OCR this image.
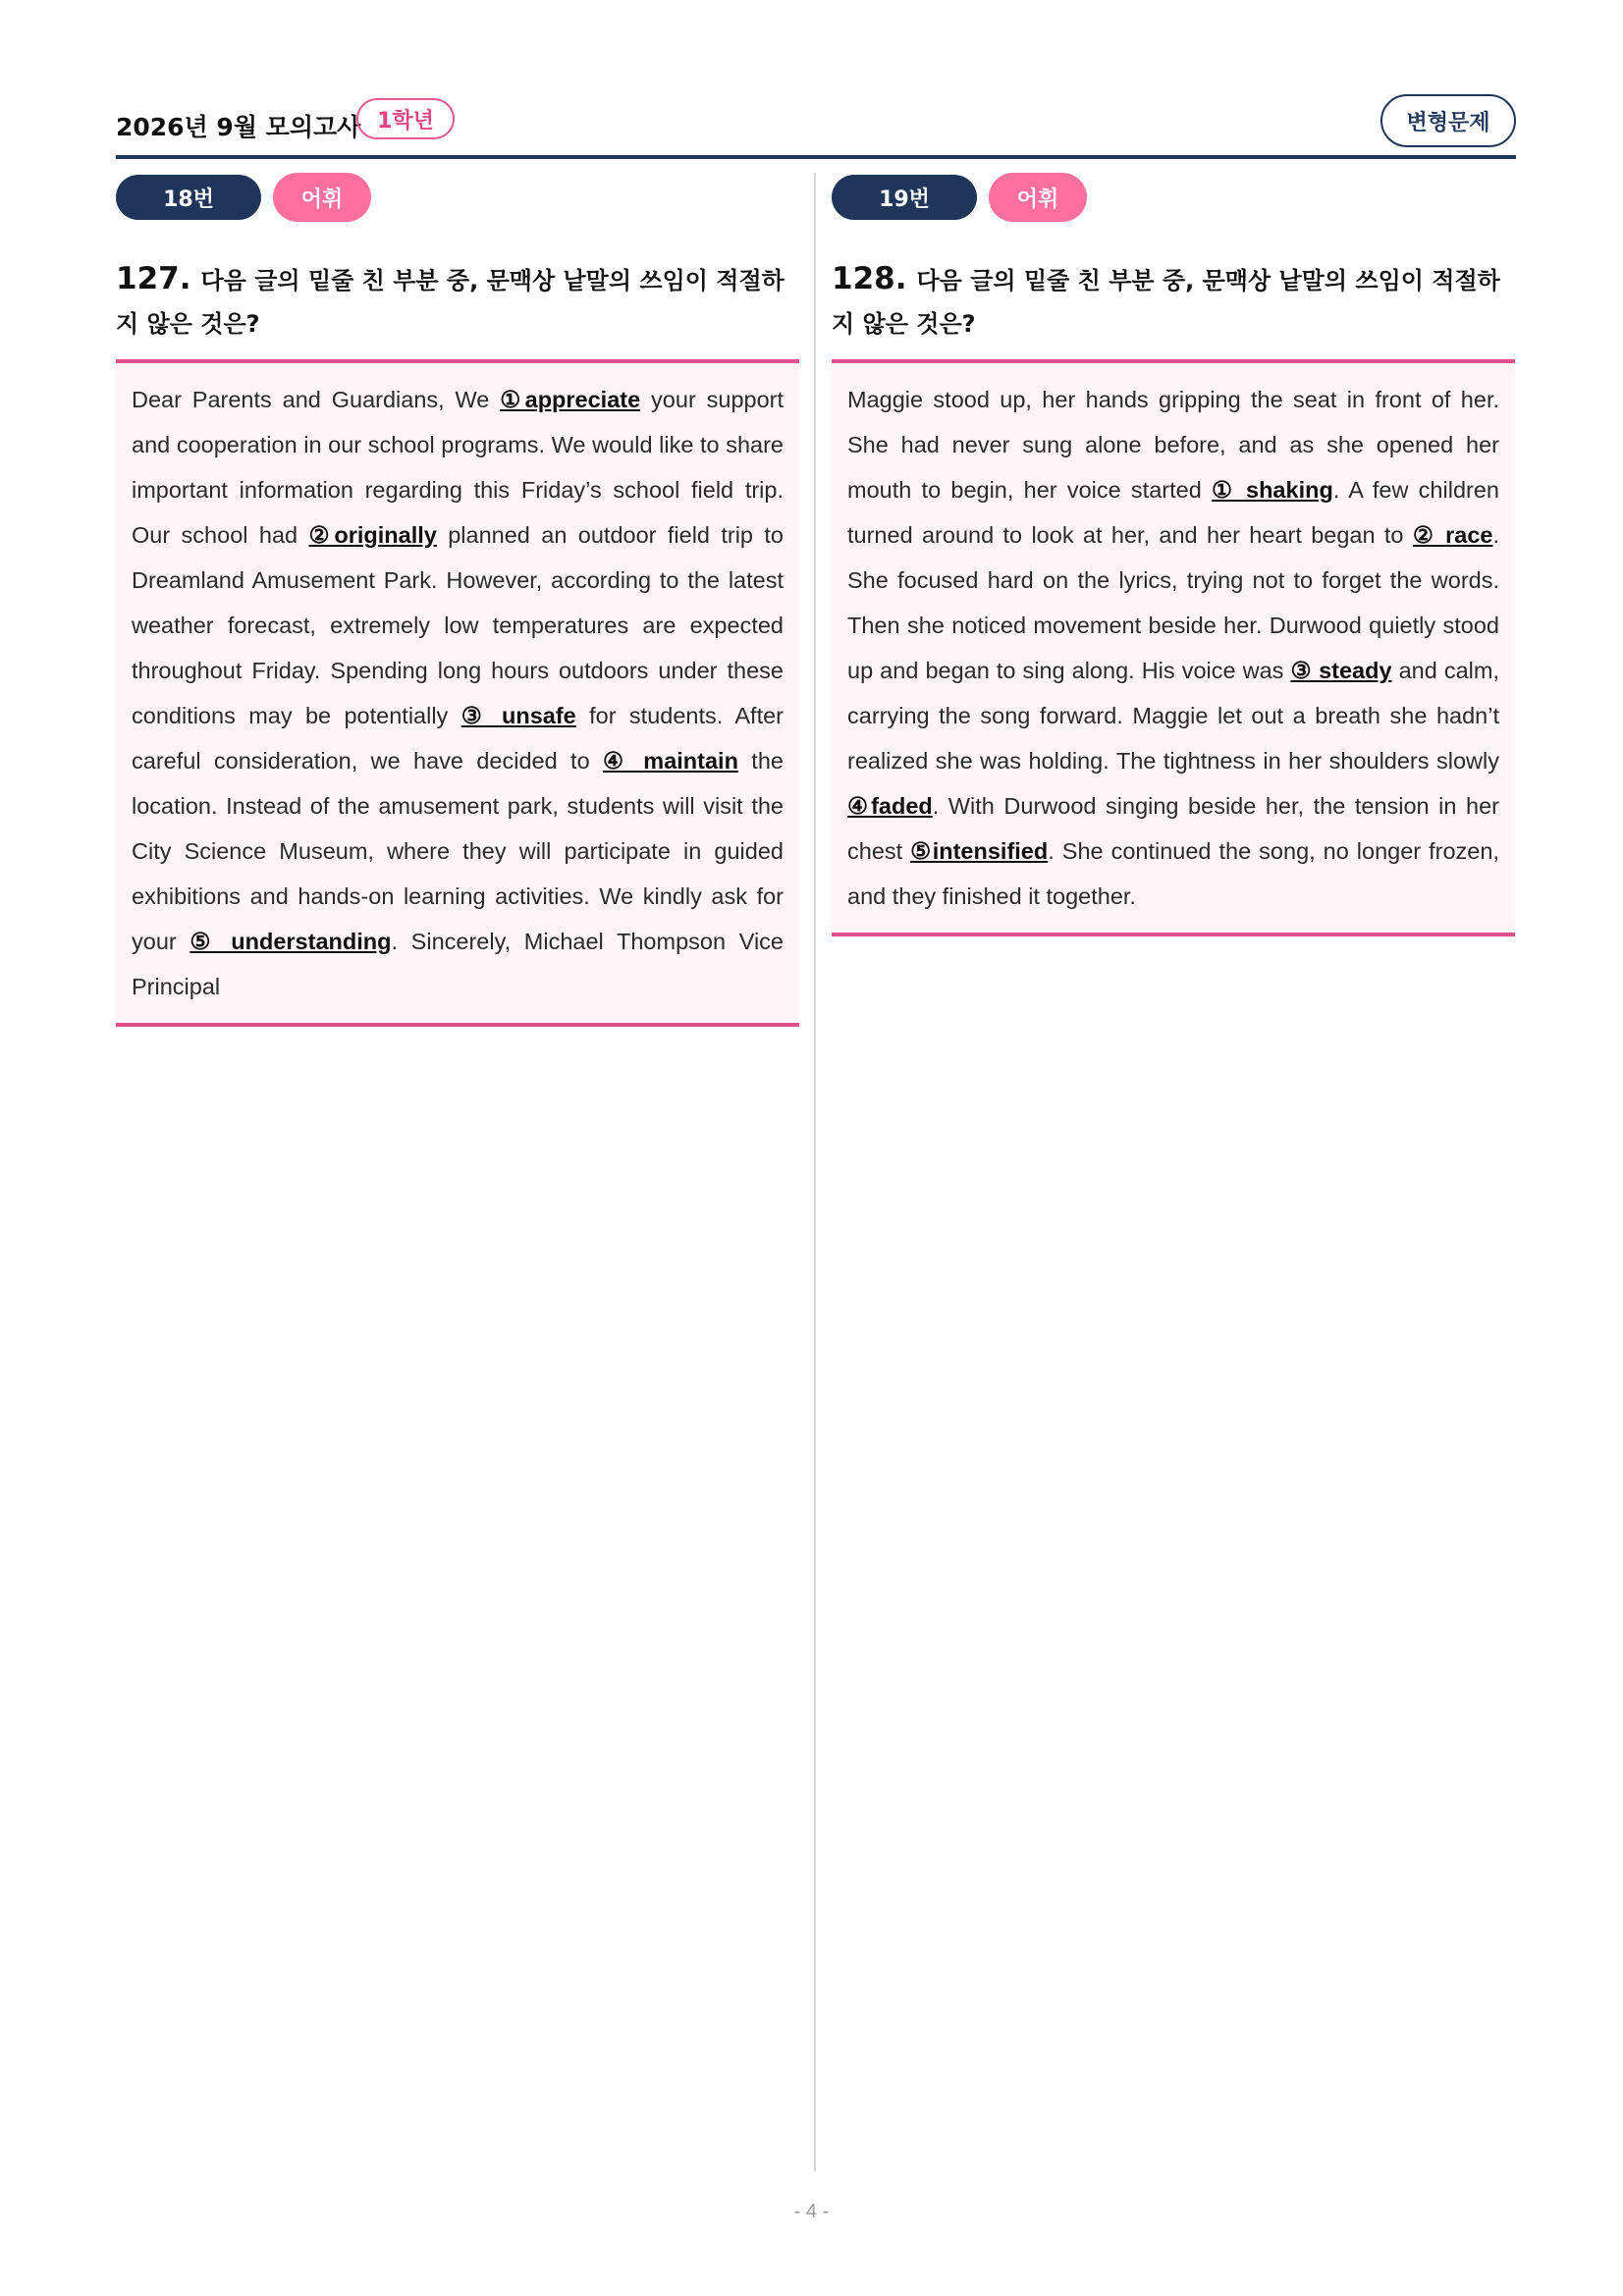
2026년 9월 모의고사 1학년	변형문제
18번	어휘
127. 다음 글의 밑줄 친 부분 중, 문맥상 낱말의 쓰임이 적절하지 않은 것은?
Dear Parents and Guardians, We ①appreciate your support and cooperation in our school programs. We would like to share important information regarding this Friday’s school field trip. Our school had ②originally planned an outdoor field trip to Dreamland Amusement Park. However, according to the latest weather forecast, extremely low temperatures are expected throughout Friday. Spending long hours outdoors under these conditions may be potentially ③ unsafe for students. After careful consideration, we have decided to ④ maintain the location. Instead of the amusement park, students will visit the City Science Museum, where they will participate in guided exhibitions and hands-on learning activities. We kindly ask for your ⑤ understanding. Sincerely, Michael Thompson Vice Principal
19번	어휘
128. 다음 글의 밑줄 친 부분 중, 문맥상 낱말의 쓰임이 적절하지 않은 것은?
Maggie stood up, her hands gripping the seat in front of her. She had never sung alone before, and as she opened her mouth to begin, her voice started ① shaking. A few children turned around to look at her, and her heart began to ② race. She focused hard on the lyrics, trying not to forget the words. Then she noticed movement beside her. Durwood quietly stood up and began to sing along. His voice was ③ steady and calm, carrying the song forward. Maggie let out a breath she hadn’t realized she was holding. The tightness in her shoulders slowly ④faded. With Durwood singing beside her, the tension in her chest ⑤intensified. She continued the song, no longer frozen, and they finished it together.
- 4 -
